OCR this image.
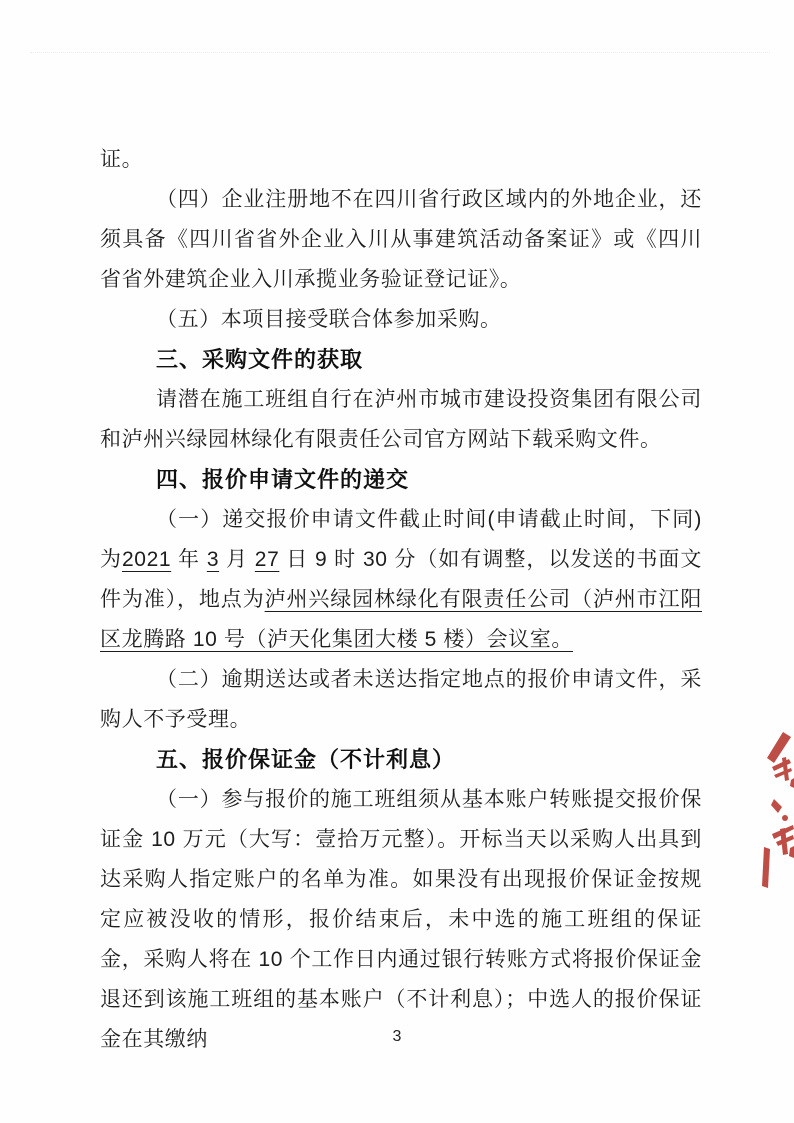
证。

（四）企业注册地不在四川省行政区域内的外地企业，还须具备《四川省省外企业入川从事建筑活动备案证》或《四川省省外建筑企业入川承揽业务验证登记证》。

（五）本项目接受联合体参加采购。

三、采购文件的获取

请潜在施工班组自行在泸州市城市建设投资集团有限公司和泸州兴绿园林绿化有限责任公司官方网站下载采购文件。

四、报价申请文件的递交

（一）递交报价申请文件截止时间(申请截止时间，下同)为2021 年 3 月 27 日 9 时 30 分（如有调整，以发送的书面文件为准），地点为泸州兴绿园林绿化有限责任公司（泸州市江阳区龙腾路 10 号（泸天化集团大楼 5 楼）会议室。

（二）逾期送达或者未送达指定地点的报价申请文件，采购人不予受理。

五、报价保证金（不计利息）

（一）参与报价的施工班组须从基本账户转账提交报价保证金 10 万元（大写：壹拾万元整）。开标当天以采购人出具到达采购人指定账户的名单为准。如果没有出现报价保证金按规定应被没收的情形，报价结束后，未中选的施工班组的保证金，采购人将在 10 个工作日内通过银行转账方式将报价保证金退还到该施工班组的基本账户（不计利息）；中选人的报价保证金在其缴纳	3
